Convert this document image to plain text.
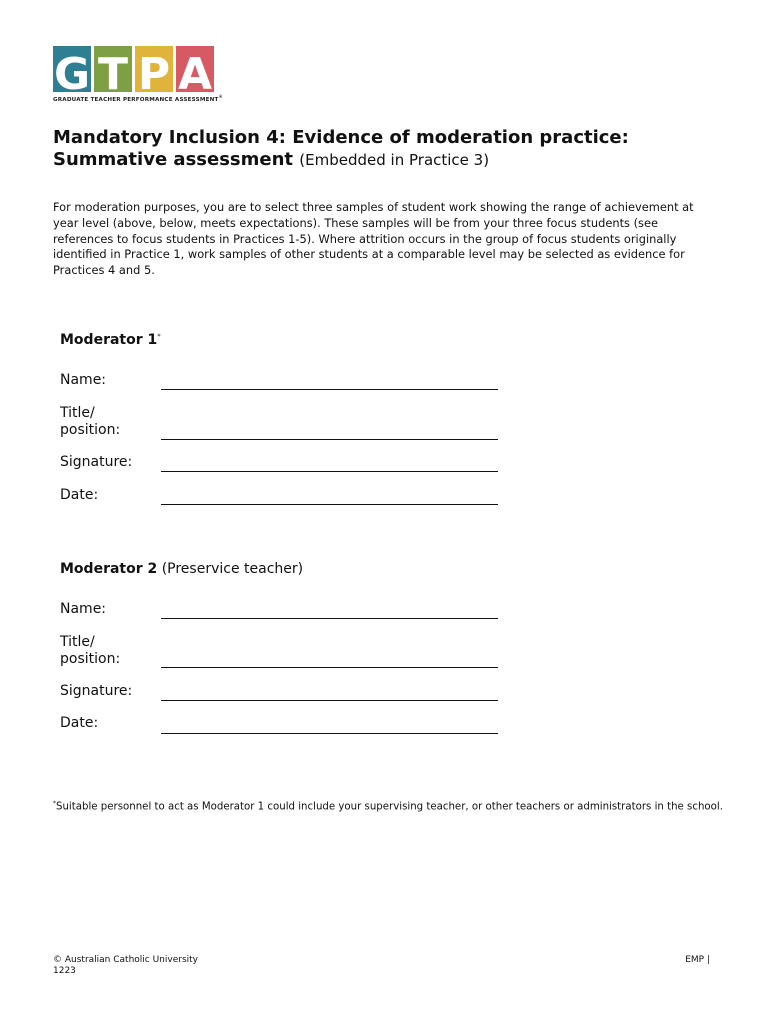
G T P A
GRADUATE TEACHER PERFORMANCE ASSESSMENT®
Mandatory Inclusion 4: Evidence of moderation practice:
Summative assessment (Embedded in Practice 3)
For moderation purposes, you are to select three samples of student work showing the range of achievement at year level (above, below, meets expectations). These samples will be from your three focus students (see references to focus students in Practices 1-5). Where attrition occurs in the group of focus students originally identified in Practice 1, work samples of other students at a comparable level may be selected as evidence for Practices 4 and 5.
Moderator 1*
Name:
Title/
position:
Signature:
Date:
Moderator 2 (Preservice teacher)
Name:
Title/
position:
Signature:
Date:
*Suitable personnel to act as Moderator 1 could include your supervising teacher, or other teachers or administrators in the school.
© Australian Catholic University
1223
EMP |
